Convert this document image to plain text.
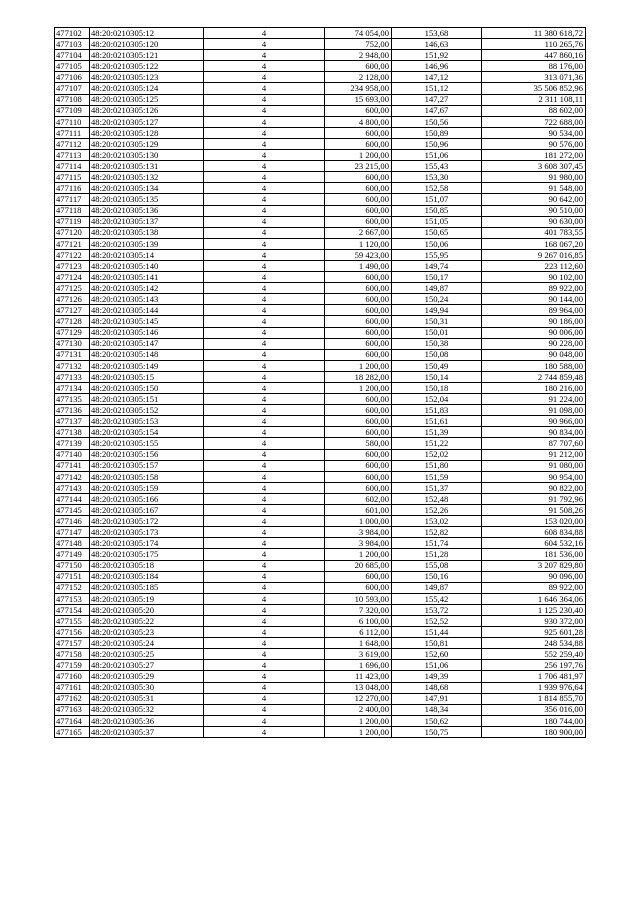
477102	48:20:0210305:12	4	74 054,00	153,68	11 380 618,72
477103	48:20:0210305:120	4	752,00	146,63	110 265,76
477104	48:20:0210305:121	4	2 948,00	151,92	447 860,16
477105	48:20:0210305:122	4	600,00	146,96	88 176,00
477106	48:20:0210305:123	4	2 128,00	147,12	313 071,36
477107	48:20:0210305:124	4	234 958,00	151,12	35 506 852,96
477108	48:20:0210305:125	4	15 693,00	147,27	2 311 108,11
477109	48:20:0210305:126	4	600,00	147,67	88 602,00
477110	48:20:0210305:127	4	4 800,00	150,56	722 688,00
477111	48:20:0210305:128	4	600,00	150,89	90 534,00
477112	48:20:0210305:129	4	600,00	150,96	90 576,00
477113	48:20:0210305:130	4	1 200,00	151,06	181 272,00
477114	48:20:0210305:131	4	23 215,00	155,43	3 608 307,45
477115	48:20:0210305:132	4	600,00	153,30	91 980,00
477116	48:20:0210305:134	4	600,00	152,58	91 548,00
477117	48:20:0210305:135	4	600,00	151,07	90 642,00
477118	48:20:0210305:136	4	600,00	150,85	90 510,00
477119	48:20:0210305:137	4	600,00	151,05	90 630,00
477120	48:20:0210305:138	4	2 667,00	150,65	401 783,55
477121	48:20:0210305:139	4	1 120,00	150,06	168 067,20
477122	48:20:0210305:14	4	59 423,00	155,95	9 267 016,85
477123	48:20:0210305:140	4	1 490,00	149,74	223 112,60
477124	48:20:0210305:141	4	600,00	150,17	90 102,00
477125	48:20:0210305:142	4	600,00	149,87	89 922,00
477126	48:20:0210305:143	4	600,00	150,24	90 144,00
477127	48:20:0210305:144	4	600,00	149,94	89 964,00
477128	48:20:0210305:145	4	600,00	150,31	90 186,00
477129	48:20:0210305:146	4	600,00	150,01	90 006,00
477130	48:20:0210305:147	4	600,00	150,38	90 228,00
477131	48:20:0210305:148	4	600,00	150,08	90 048,00
477132	48:20:0210305:149	4	1 200,00	150,49	180 588,00
477133	48:20:0210305:15	4	18 282,00	150,14	2 744 859,48
477134	48:20:0210305:150	4	1 200,00	150,18	180 216,00
477135	48:20:0210305:151	4	600,00	152,04	91 224,00
477136	48:20:0210305:152	4	600,00	151,83	91 098,00
477137	48:20:0210305:153	4	600,00	151,61	90 966,00
477138	48:20:0210305:154	4	600,00	151,39	90 834,00
477139	48:20:0210305:155	4	580,00	151,22	87 707,60
477140	48:20:0210305:156	4	600,00	152,02	91 212,00
477141	48:20:0210305:157	4	600,00	151,80	91 080,00
477142	48:20:0210305:158	4	600,00	151,59	90 954,00
477143	48:20:0210305:159	4	600,00	151,37	90 822,00
477144	48:20:0210305:166	4	602,00	152,48	91 792,96
477145	48:20:0210305:167	4	601,00	152,26	91 508,26
477146	48:20:0210305:172	4	1 000,00	153,02	153 020,00
477147	48:20:0210305:173	4	3 984,00	152,82	608 834,88
477148	48:20:0210305:174	4	3 984,00	151,74	604 532,16
477149	48:20:0210305:175	4	1 200,00	151,28	181 536,00
477150	48:20:0210305:18	4	20 685,00	155,08	3 207 829,80
477151	48:20:0210305:184	4	600,00	150,16	90 096,00
477152	48:20:0210305:185	4	600,00	149,87	89 922,00
477153	48:20:0210305:19	4	10 593,00	155,42	1 646 364,06
477154	48:20:0210305:20	4	7 320,00	153,72	1 125 230,40
477155	48:20:0210305:22	4	6 100,00	152,52	930 372,00
477156	48:20:0210305:23	4	6 112,00	151,44	925 601,28
477157	48:20:0210305:24	4	1 648,00	150,81	248 534,88
477158	48:20:0210305:25	4	3 619,00	152,60	552 259,40
477159	48:20:0210305:27	4	1 696,00	151,06	256 197,76
477160	48:20:0210305:29	4	11 423,00	149,39	1 706 481,97
477161	48:20:0210305:30	4	13 048,00	148,68	1 939 976,64
477162	48:20:0210305:31	4	12 270,00	147,91	1 814 855,70
477163	48:20:0210305:32	4	2 400,00	148,34	356 016,00
477164	48:20:0210305:36	4	1 200,00	150,62	180 744,00
477165	48:20:0210305:37	4	1 200,00	150,75	180 900,00
